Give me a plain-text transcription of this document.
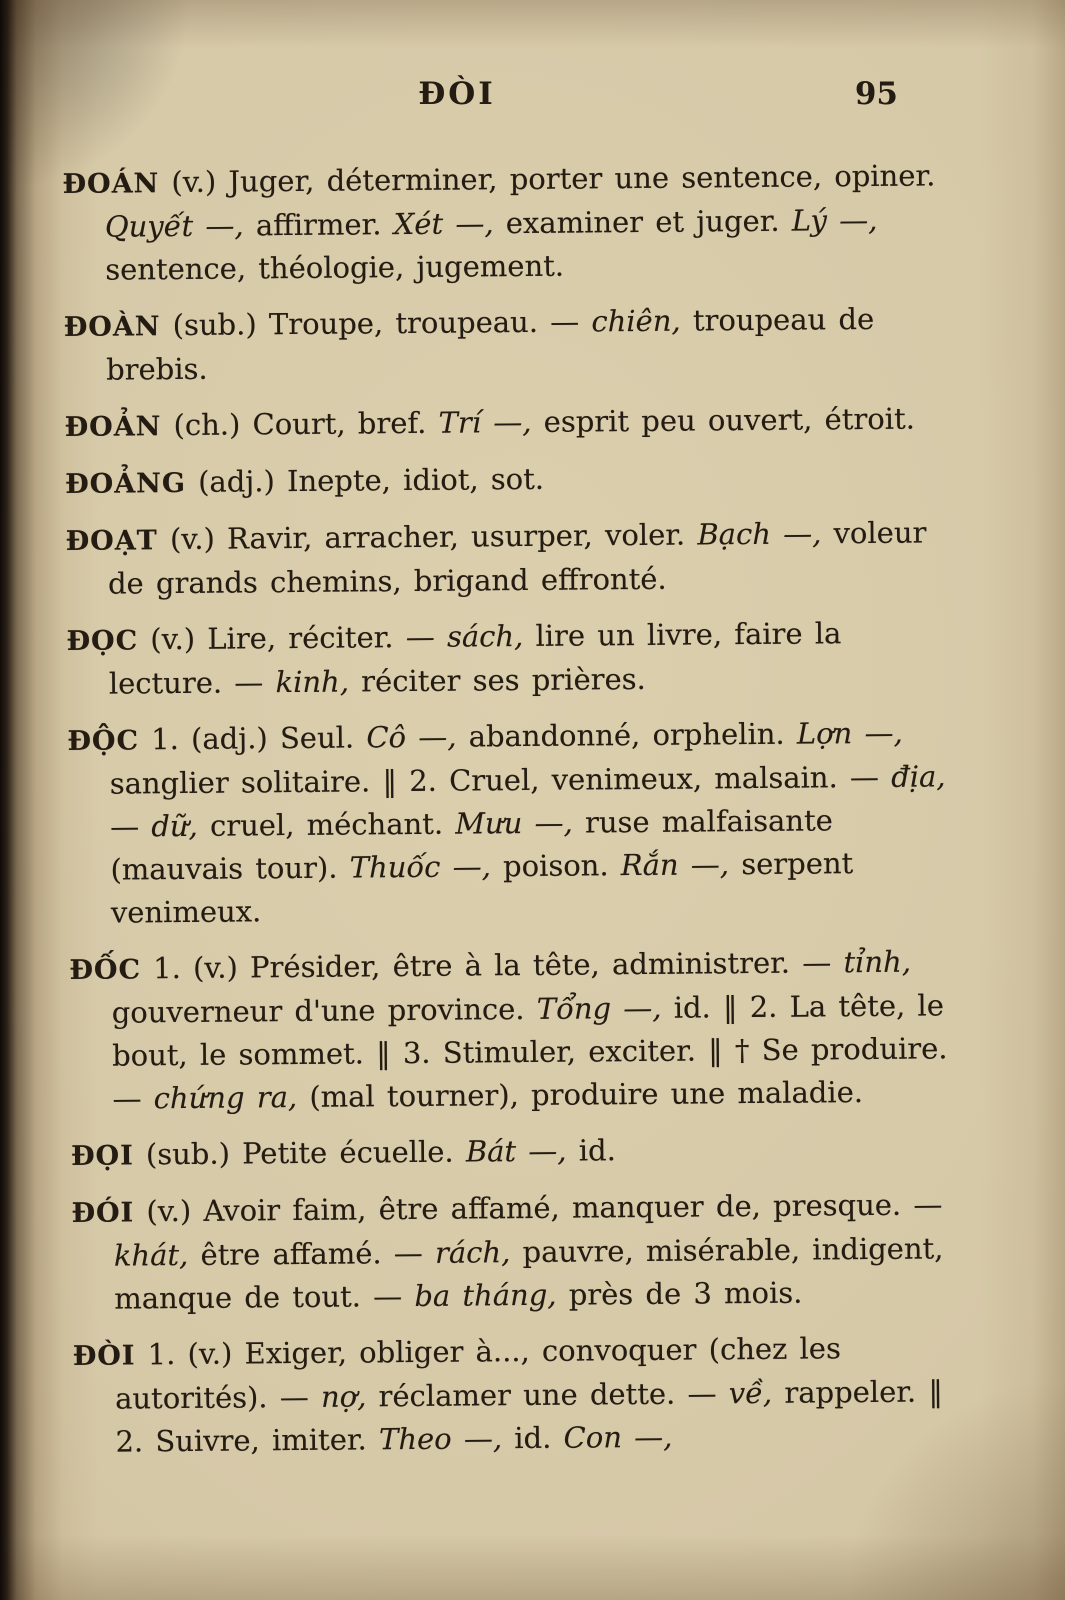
ĐÒI	95

ĐOÁN (v.) Juger, déterminer, porter une sentence, opiner. Quyết —, affirmer. Xét —, examiner et juger. Lý —, sentence, théologie, jugement.

ĐOÀN (sub.) Troupe, troupeau. — chiên, troupeau de brebis.

ĐOẢN (ch.) Court, bref. Trí —, esprit peu ouvert, étroit.

ĐOẢNG (adj.) Inepte, idiot, sot.

ĐOẠT (v.) Ravir, arracher, usurper, voler. Bạch —, voleur de grands chemins, brigand effronté.

ĐỌC (v.) Lire, réciter. — sách, lire un livre, faire la lecture. — kinh, réciter ses prières.

ĐỘC 1. (adj.) Seul. Cô —, abandonné, orphelin. Lợn —, sanglier solitaire. ‖ 2. Cruel, venimeux, malsain. — địa, — dữ, cruel, méchant. Mưu —, ruse malfaisante (mauvais tour). Thuốc —, poison. Rắn —, serpent venimeux.

ĐỐC 1. (v.) Présider, être à la tête, administrer. — tỉnh, gouverneur d'une province. Tổng —, id. ‖ 2. La tête, le bout, le sommet. ‖ 3. Stimuler, exciter. ‖ † Se produire. — chứng ra, (mal tourner), produire une maladie.

ĐỌI (sub.) Petite écuelle. Bát —, id.

ĐÓI (v.) Avoir faim, être affamé, manquer de, presque. — khát, être affamé. — rách, pauvre, misérable, indigent, manque de tout. — ba tháng, près de 3 mois.

ĐÒI 1. (v.) Exiger, obliger à..., convoquer (chez les autorités). — nợ, réclamer une dette. — về, rappeler. ‖ 2. Suivre, imiter. Theo —, id. Con —,
